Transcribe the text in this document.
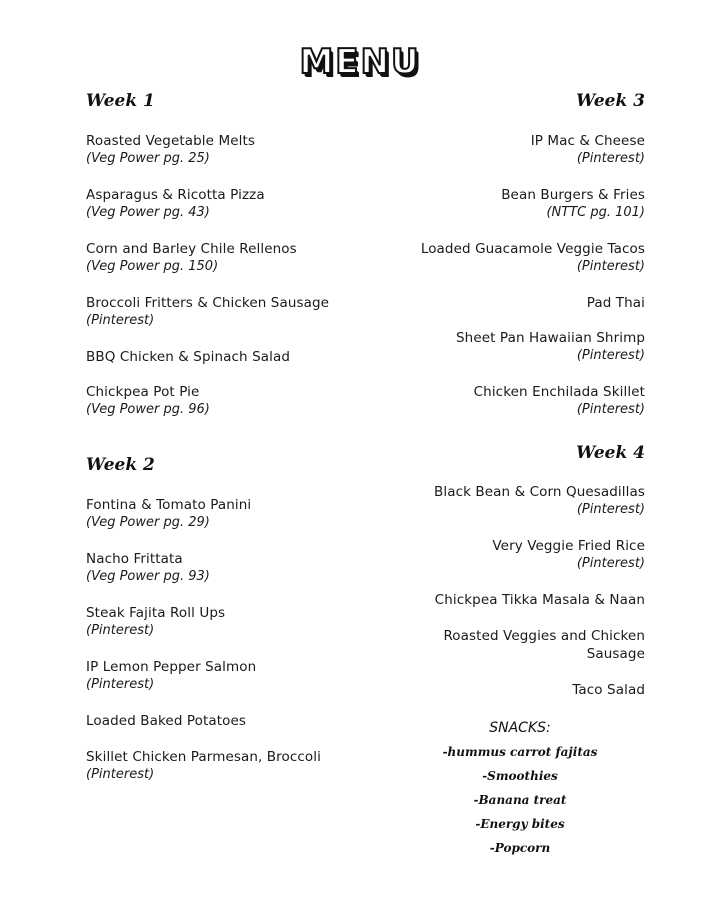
MENU
Week 1
Roasted Vegetable Melts
(Veg Power pg. 25)
Asparagus & Ricotta Pizza
(Veg Power pg. 43)
Corn and Barley Chile Rellenos
(Veg Power pg. 150)
Broccoli Fritters & Chicken Sausage
(Pinterest)
BBQ Chicken & Spinach Salad
Chickpea Pot Pie
(Veg Power pg. 96)
Week 2
Fontina & Tomato Panini
(Veg Power pg. 29)
Nacho Frittata
(Veg Power pg. 93)
Steak Fajita Roll Ups
(Pinterest)
IP Lemon Pepper Salmon
(Pinterest)
Loaded Baked Potatoes
Skillet Chicken Parmesan, Broccoli
(Pinterest)
Week 3
IP Mac & Cheese
(Pinterest)
Bean Burgers & Fries
(NTTC pg. 101)
Loaded Guacamole Veggie Tacos
(Pinterest)
Pad Thai
Sheet Pan Hawaiian Shrimp
(Pinterest)
Chicken Enchilada Skillet
(Pinterest)
Week 4
Black Bean & Corn Quesadillas
(Pinterest)
Very Veggie Fried Rice
(Pinterest)
Chickpea Tikka Masala & Naan
Roasted Veggies and Chicken
Sausage
Taco Salad
SNACKS:
-hummus carrot fajitas
-Smoothies
-Banana treat
-Energy bites
-Popcorn
